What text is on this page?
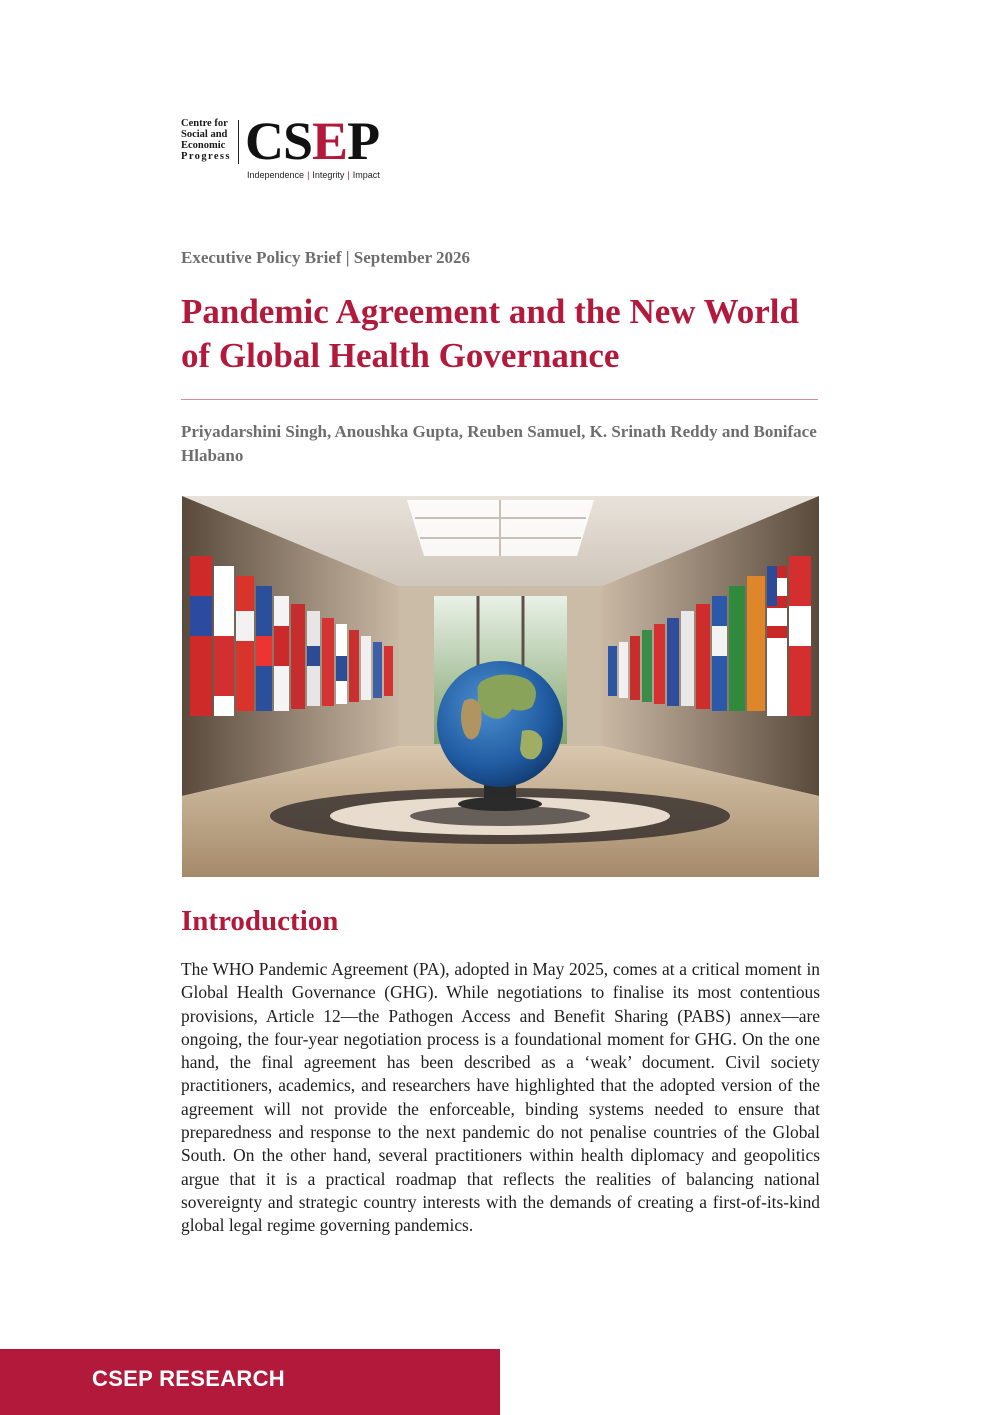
Centre for
Social and
Economic
Progress CSEP
Independence | Integrity | Impact
Executive Policy Brief | September 2026
Pandemic Agreement and the New World of Global Health Governance
Priyadarshini Singh, Anoushka Gupta, Reuben Samuel, K. Srinath Reddy and Boniface Hlabano
Introduction

The WHO Pandemic Agreement (PA), adopted in May 2025, comes at a critical moment in Global Health Governance (GHG). While negotiations to finalise its most contentious provisions, Article 12—the Pathogen Access and Benefit Sharing (PABS) annex—are ongoing, the four-year negotiation process is a foundational moment for GHG. On the one hand, the final agreement has been described as a ‘weak’ document. Civil society practitioners, academics, and researchers have highlighted that the adopted version of the agreement will not provide the enforceable, binding systems needed to ensure that preparedness and response to the next pandemic do not penalise countries of the Global South. On the other hand, several practitioners within health diplomacy and geopolitics argue that it is a practical roadmap that reflects the realities of balancing national sovereignty and strategic country interests with the demands of creating a first-of-its-kind global legal regime governing pandemics.

CSEP RESEARCH
